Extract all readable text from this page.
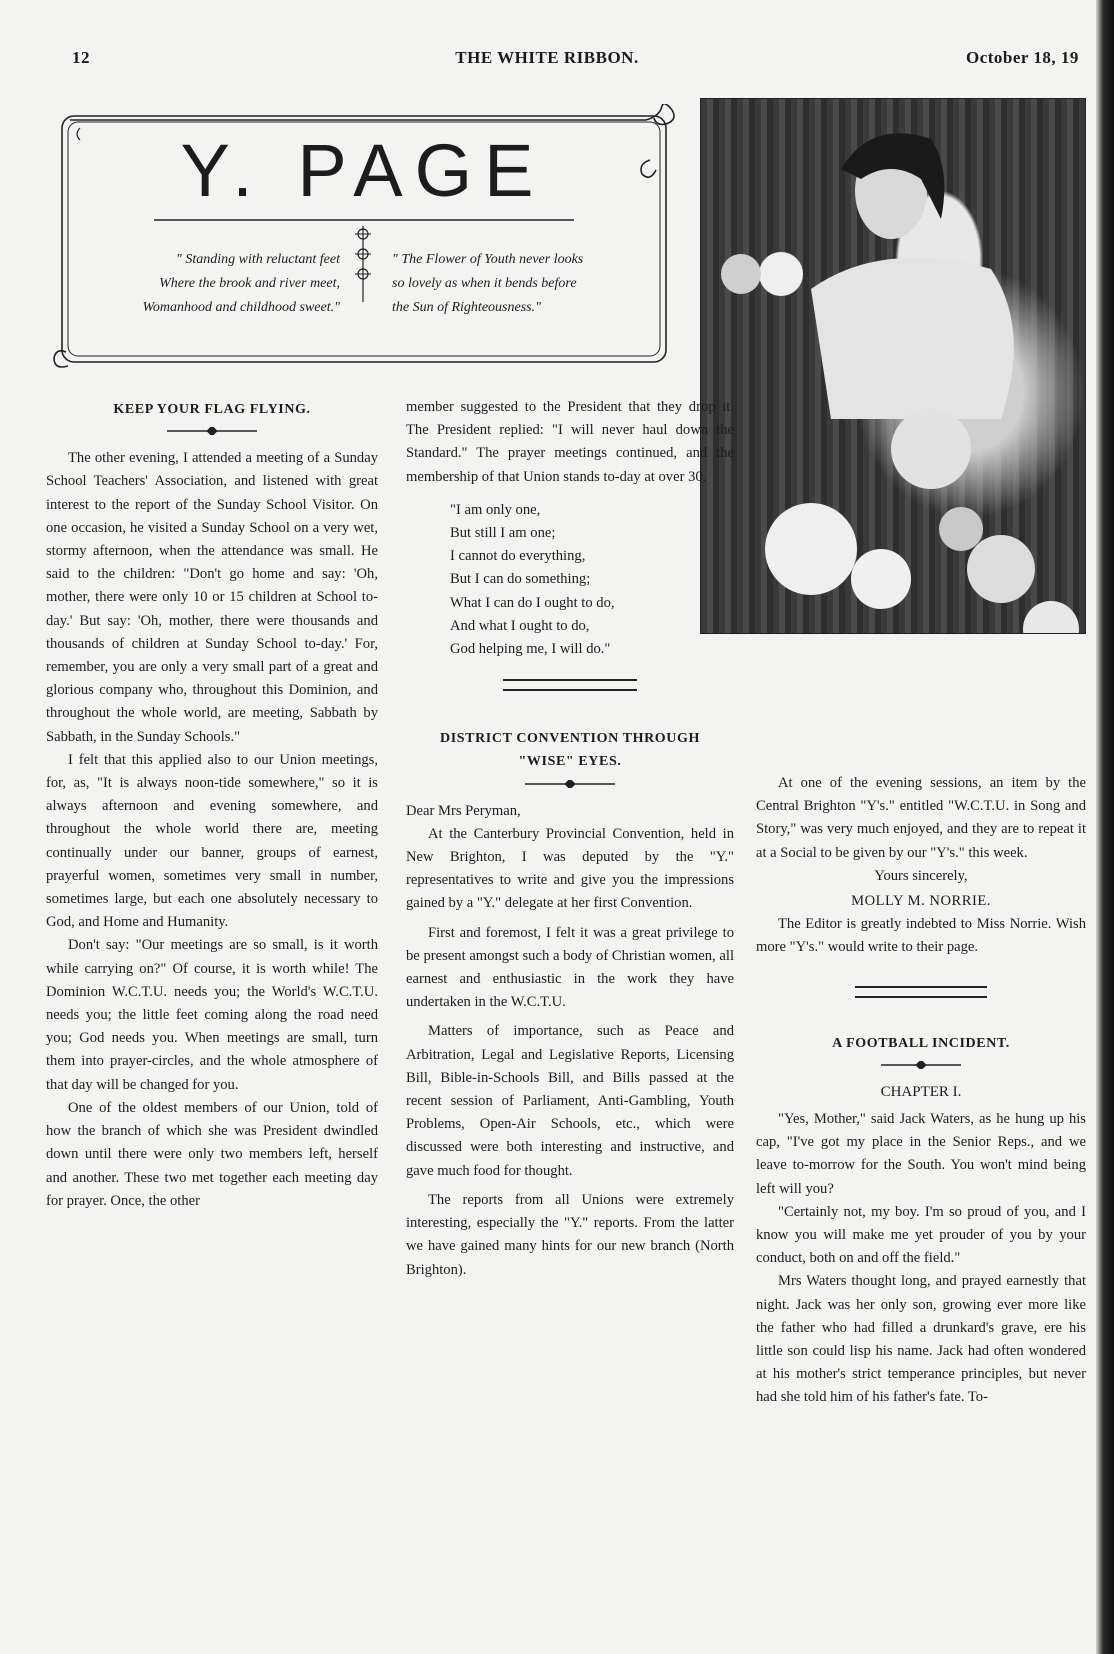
12	THE WHITE RIBBON.	October 18, 19
Y. PAGE
" Standing with reluctant feet
Where the brook and river meet,
Womanhood and childhood sweet."
" The Flower of Youth never looks
so lovely as when it bends before
the Sun of Righteousness."
KEEP YOUR FLAG FLYING.

The other evening, I attended a meeting of a Sunday School Teachers' Association, and listened with great interest to the report of the Sunday School Visitor. On one occasion, he visited a Sunday School on a very wet, stormy afternoon, when the attendance was small. He said to the children: "Don't go home and say: 'Oh, mother, there were only 10 or 15 children at School to-day.' But say: 'Oh, mother, there were thousands and thousands of children at Sunday School to-day.' For, remember, you are only a very small part of a great and glorious company who, throughout this Dominion, and throughout the whole world, are meeting, Sabbath by Sabbath, in the Sunday Schools."

I felt that this applied also to our Union meetings, for, as, "It is always noon-tide somewhere," so it is always afternoon and evening somewhere, and throughout the whole world there are, meeting continually under our banner, groups of earnest, prayerful women, sometimes very small in number, sometimes large, but each one absolutely necessary to God, and Home and Humanity.

Don't say: "Our meetings are so small, is it worth while carrying on?" Of course, it is worth while! The Dominion W.C.T.U. needs you; the World's W.C.T.U. needs you; the little feet coming along the road need you; God needs you. When meetings are small, turn them into prayer-circles, and the whole atmosphere of that day will be changed for you.

One of the oldest members of our Union, told of how the branch of which she was President dwindled down until there were only two members left, herself and another. These two met together each meeting day for prayer. Once, the other

member suggested to the President that they drop it. The President replied: "I will never haul down the Standard." The prayer meetings continued, and the membership of that Union stands to-day at over 30.

"I am only one,
But still I am one;
I cannot do everything,
But I can do something;
What I can do I ought to do,
And what I ought to do,
God helping me, I will do."
DISTRICT CONVENTION THROUGH
"WISE" EYES.

Dear Mrs Peryman,

At the Canterbury Provincial Convention, held in New Brighton, I was deputed by the "Y." representatives to write and give you the impressions gained by a "Y." delegate at her first Convention.

First and foremost, I felt it was a great privilege to be present amongst such a body of Christian women, all earnest and enthusiastic in the work they have undertaken in the W.C.T.U.

Matters of importance, such as Peace and Arbitration, Legal and Legislative Reports, Licensing Bill, Bible-in-Schools Bill, and Bills passed at the recent session of Parliament, Anti-Gambling, Youth Problems, Open-Air Schools, etc., which were discussed were both interesting and instructive, and gave much food for thought.

The reports from all Unions were extremely interesting, especially the "Y." reports. From the latter we have gained many hints for our new branch (North Brighton).

At one of the evening sessions, an item by the Central Brighton "Y's." entitled "W.C.T.U. in Song and Story," was very much enjoyed, and they are to repeat it at a Social to be given by our "Y's." this week.

Yours sincerely,
MOLLY M. NORRIE.

The Editor is greatly indebted to Miss Norrie. Wish more "Y's." would write to their page.

A FOOTBALL INCIDENT.
CHAPTER I.

"Yes, Mother," said Jack Waters, as he hung up his cap, "I've got my place in the Senior Reps., and we leave to-morrow for the South. You won't mind being left will you?

"Certainly not, my boy. I'm so proud of you, and I know you will make me yet prouder of you by your conduct, both on and off the field."

Mrs Waters thought long, and prayed earnestly that night. Jack was her only son, growing ever more like the father who had filled a drunkard's grave, ere his little son could lisp his name. Jack had often wondered at his mother's strict temperance principles, but never had she told him of his father's fate. To-
